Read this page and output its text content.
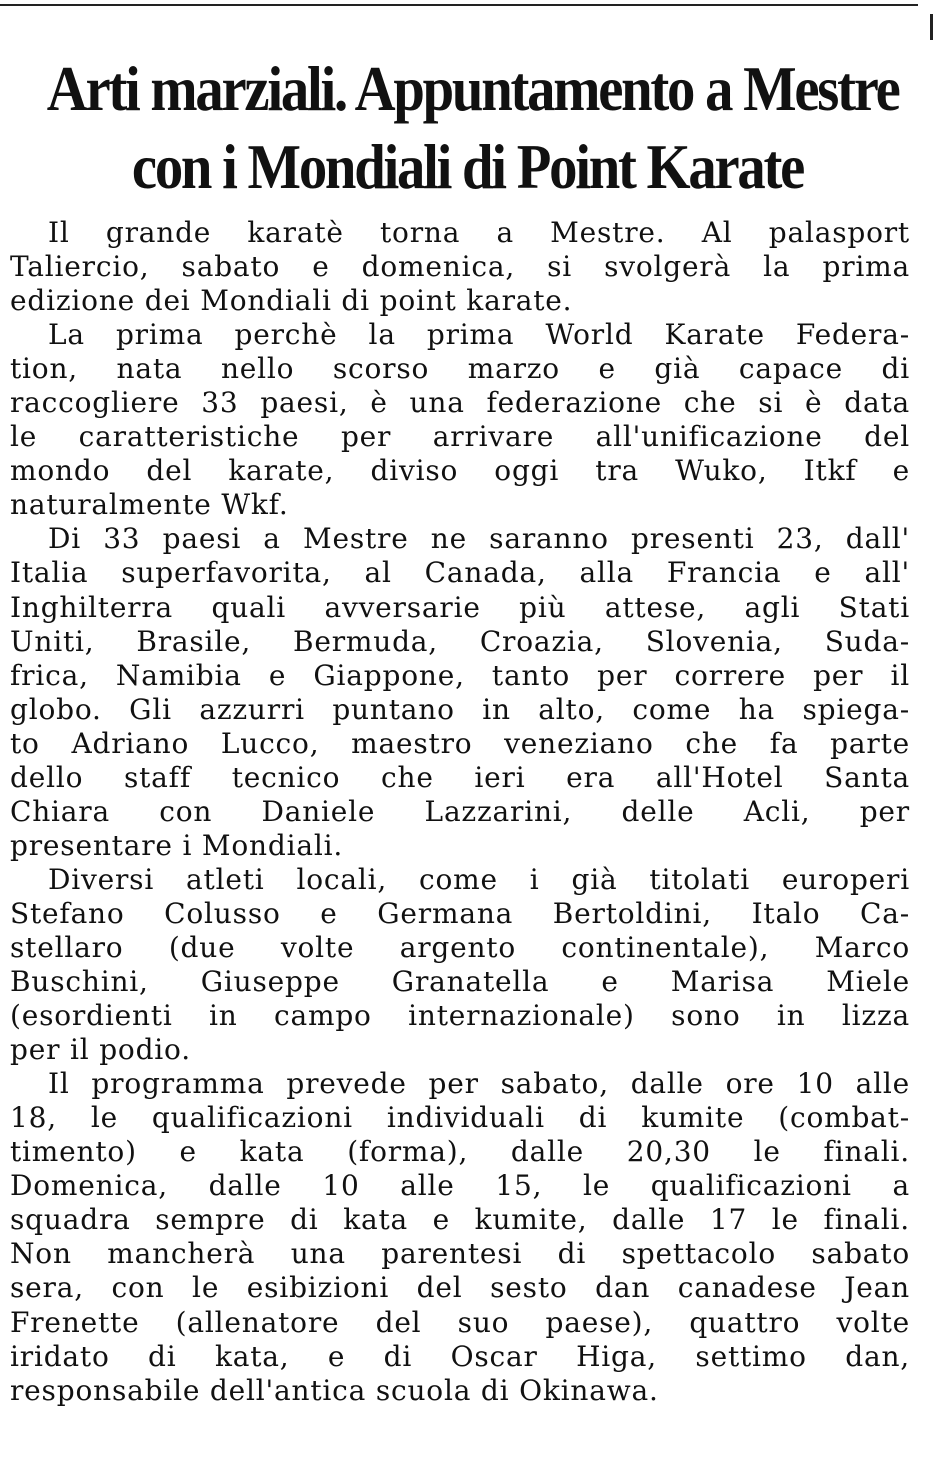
Arti marziali. Appuntamento a Mestre
con i Mondiali di Point Karate
Il grande karatè torna a Mestre. Al palasport
Taliercio, sabato e domenica, si svolgerà la prima
edizione dei Mondiali di point karate.
La prima perchè la prima World Karate Federa-
tion, nata nello scorso marzo e già capace di
raccogliere 33 paesi, è una federazione che si è data
le caratteristiche per arrivare all'unificazione del
mondo del karate, diviso oggi tra Wuko, Itkf e
naturalmente Wkf.
Di 33 paesi a Mestre ne saranno presenti 23, dall'
Italia superfavorita, al Canada, alla Francia e all'
Inghilterra quali avversarie più attese, agli Stati
Uniti, Brasile, Bermuda, Croazia, Slovenia, Suda-
frica, Namibia e Giappone, tanto per correre per il
globo. Gli azzurri puntano in alto, come ha spiega-
to Adriano Lucco, maestro veneziano che fa parte
dello staff tecnico che ieri era all'Hotel Santa
Chiara con Daniele Lazzarini, delle Acli, per
presentare i Mondiali.
Diversi atleti locali, come i già titolati europeri
Stefano Colusso e Germana Bertoldini, Italo Ca-
stellaro (due volte argento continentale), Marco
Buschini, Giuseppe Granatella e Marisa Miele
(esordienti in campo internazionale) sono in lizza
per il podio.
Il programma prevede per sabato, dalle ore 10 alle
18, le qualificazioni individuali di kumite (combat-
timento) e kata (forma), dalle 20,30 le finali.
Domenica, dalle 10 alle 15, le qualificazioni a
squadra sempre di kata e kumite, dalle 17 le finali.
Non mancherà una parentesi di spettacolo sabato
sera, con le esibizioni del sesto dan canadese Jean
Frenette (allenatore del suo paese), quattro volte
iridato di kata, e di Oscar Higa, settimo dan,
responsabile dell'antica scuola di Okinawa.
